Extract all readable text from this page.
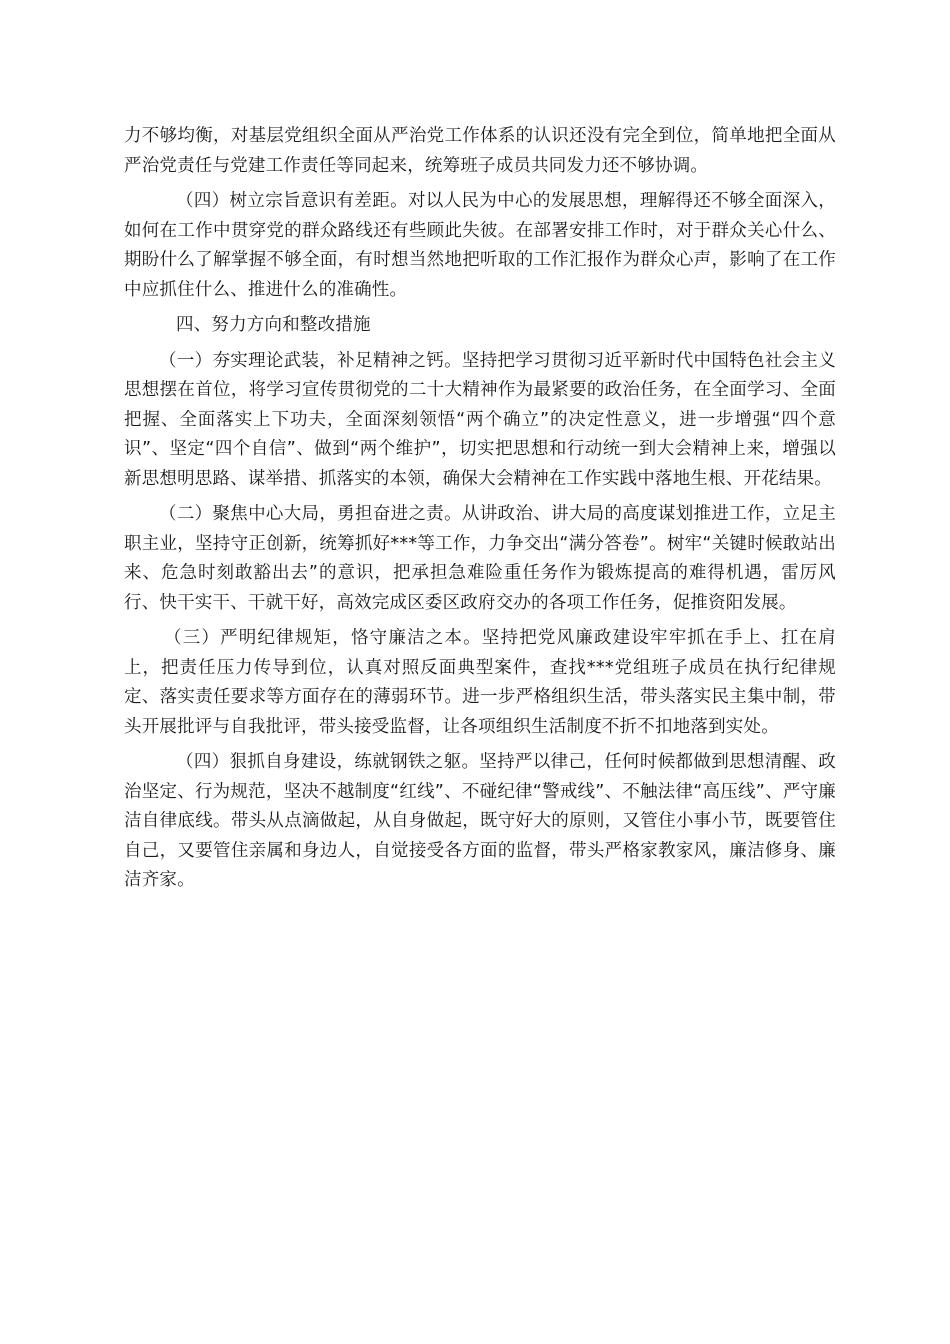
力不够均衡，对基层党组织全面从严治党工作体系的认识还没有完全到位，简单地把全面从严治党责任与党建工作责任等同起来，统筹班子成员共同发力还不够协调。

（四）树立宗旨意识有差距。对以人民为中心的发展思想，理解得还不够全面深入，如何在工作中贯穿党的群众路线还有些顾此失彼。在部署安排工作时，对于群众关心什么、期盼什么了解掌握不够全面，有时想当然地把听取的工作汇报作为群众心声，影响了在工作中应抓住什么、推进什么的准确性。

四、努力方向和整改措施

（一）夯实理论武装，补足精神之钙。坚持把学习贯彻习近平新时代中国特色社会主义思想摆在首位，将学习宣传贯彻党的二十大精神作为最紧要的政治任务，在全面学习、全面把握、全面落实上下功夫，全面深刻领悟“两个确立”的决定性意义，进一步增强“四个意识”、坚定“四个自信”、做到“两个维护”，切实把思想和行动统一到大会精神上来，增强以新思想明思路、谋举措、抓落实的本领，确保大会精神在工作实践中落地生根、开花结果。

（二）聚焦中心大局，勇担奋进之责。从讲政治、讲大局的高度谋划推进工作，立足主职主业，坚持守正创新，统筹抓好***等工作，力争交出“满分答卷”。树牢“关键时候敢站出来、危急时刻敢豁出去”的意识，把承担急难险重任务作为锻炼提高的难得机遇，雷厉风行、快干实干、干就干好，高效完成区委区政府交办的各项工作任务，促推资阳发展。

（三）严明纪律规矩，恪守廉洁之本。坚持把党风廉政建设牢牢抓在手上、扛在肩上，把责任压力传导到位，认真对照反面典型案件，查找***党组班子成员在执行纪律规定、落实责任要求等方面存在的薄弱环节。进一步严格组织生活，带头落实民主集中制，带头开展批评与自我批评，带头接受监督，让各项组织生活制度不折不扣地落到实处。

（四）狠抓自身建设，练就钢铁之躯。坚持严以律己，任何时候都做到思想清醒、政治坚定、行为规范，坚决不越制度“红线”、不碰纪律“警戒线”、不触法律“高压线”、严守廉洁自律底线。带头从点滴做起，从自身做起，既守好大的原则，又管住小事小节，既要管住自己，又要管住亲属和身边人，自觉接受各方面的监督，带头严格家教家风，廉洁修身、廉洁齐家。
